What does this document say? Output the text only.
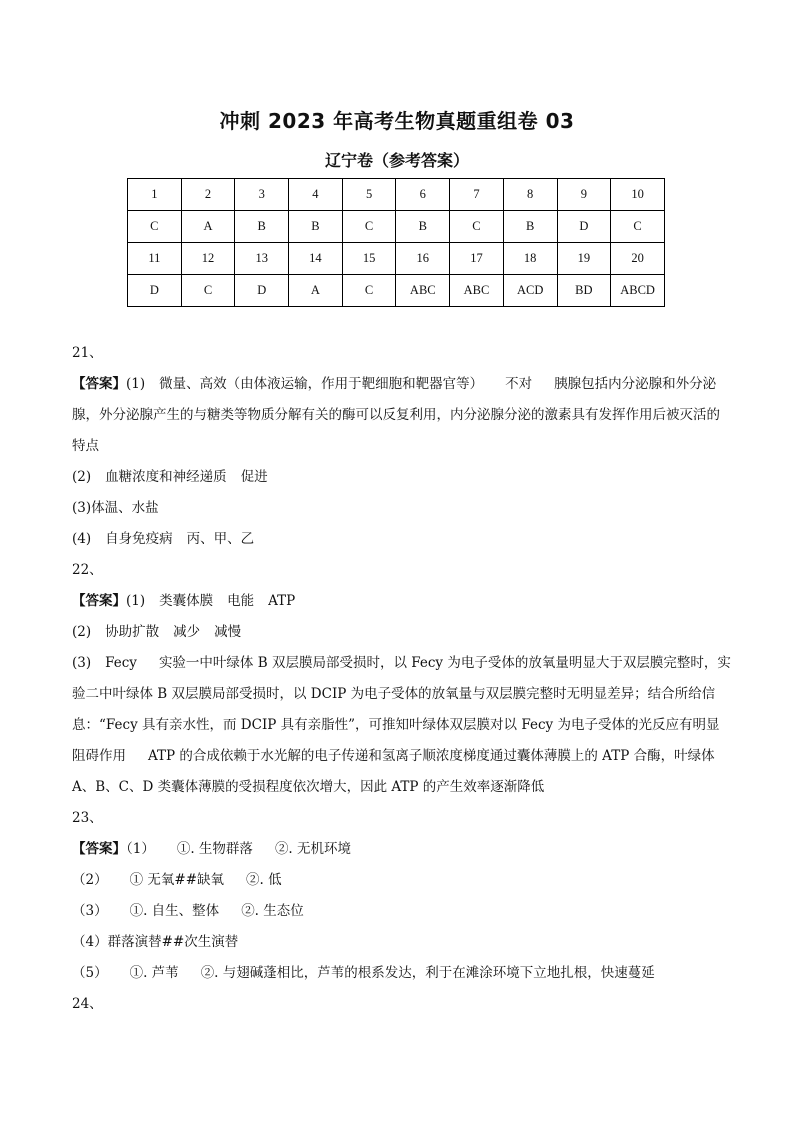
冲刺 2023 年高考生物真题重组卷 03
辽宁卷（参考答案）
1	2	3	4	5	6	7	8	9	10
C	A	B	B	C	B	C	B	D	C
11	12	13	14	15	16	17	18	19	20
D	C	D	A	C	ABC	ABC	ACD	BD	ABCD

21、

【答案】(1) 微量、高效（由体液运输，作用于靶细胞和靶器官等） 不对 胰腺包括内分泌腺和外分泌腺，外分泌腺产生的与糖类等物质分解有关的酶可以反复利用，内分泌腺分泌的激素具有发挥作用后被灭活的特点

(2) 血糖浓度和神经递质 促进

(3)体温、水盐

(4) 自身免疫病 丙、甲、乙

22、

【答案】(1) 类囊体膜 电能 ATP

(2) 协助扩散 减少 减慢

(3) Fecy 实验一中叶绿体 B 双层膜局部受损时，以 Fecy 为电子受体的放氧量明显大于双层膜完整时，实验二中叶绿体 B 双层膜局部受损时，以 DCIP 为电子受体的放氧量与双层膜完整时无明显差异；结合所给信息：“Fecy 具有亲水性，而 DCIP 具有亲脂性”，可推知叶绿体双层膜对以 Fecy 为电子受体的光反应有明显阻碍作用 ATP 的合成依赖于水光解的电子传递和氢离子顺浓度梯度通过囊体薄膜上的 ATP 合酶，叶绿体 A、B、C、D 类囊体薄膜的受损程度依次增大，因此 ATP 的产生效率逐渐降低

23、

【答案】（1） ①. 生物群落 ②. 无机环境

（2） ① 无氧##缺氧 ②. 低

（3） ①. 自生、整体 ②. 生态位

（4）群落演替##次生演替

（5） ①. 芦苇 ②. 与翅碱蓬相比，芦苇的根系发达，利于在滩涂环境下立地扎根，快速蔓延

24、
